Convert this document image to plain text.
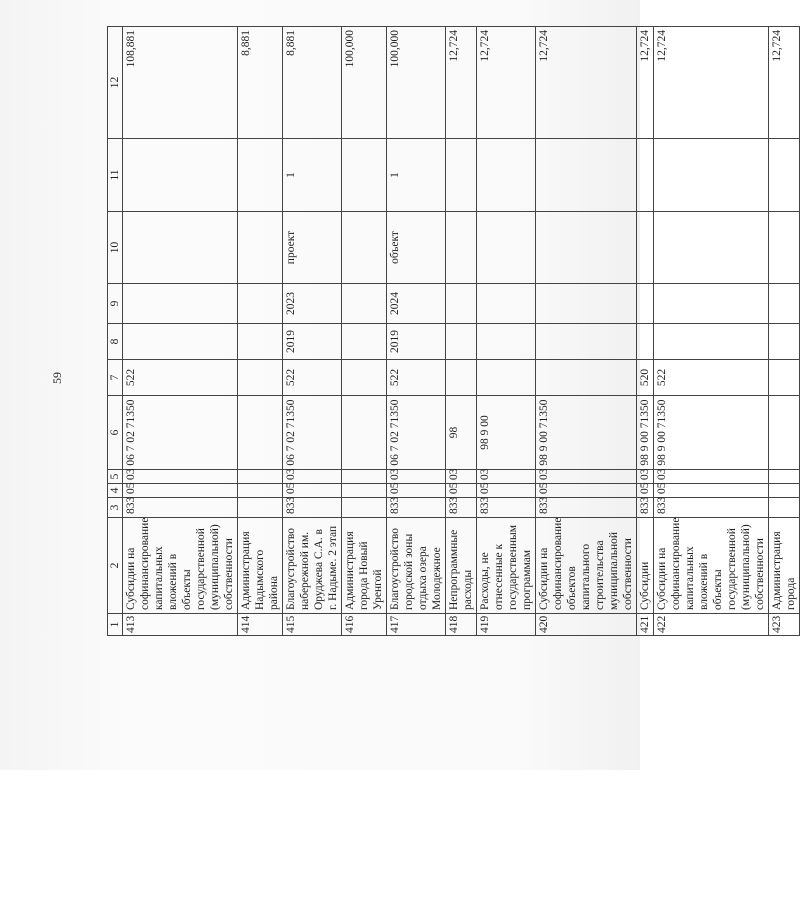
59
1	2	3	4	5	6	7	8	9	10	11	12
413	Субсидии на софинансирование капитальных вложений в объекты государственной (муниципальной) собственности	833	05	03	06 7 02 71350	522					108,881
414	Администрация Надымского района										8,881
415	Благоустройство набережной им. Оруджева С.А. в г. Надыме. 2 этап	833	05	03	06 7 02 71350	522	2019	2023	проект	1	8,881
416	Администрация города Новый Уренгой										100,000
417	Благоустройство городской зоны отдыха озера Молодежное	833	05	03	06 7 02 71350	522	2019	2024	объект	1	100,000
418	Непрограммные расходы	833	05	03	98						12,724
419	Расходы, не отнесенные к государственным программам	833	05	03	98 9 00						12,724
420	Субсидии на софинансирование объектов капитального строительства муниципальной собственности	833	05	03	98 9 00 71350						12,724
421	Субсидии	833	05	03	98 9 00 71350	520					12,724
422	Субсидии на софинансирование капитальных вложений в объекты государственной (муниципальной) собственности	833	05	03	98 9 00 71350	522					12,724
423	Администрация города										12,724
